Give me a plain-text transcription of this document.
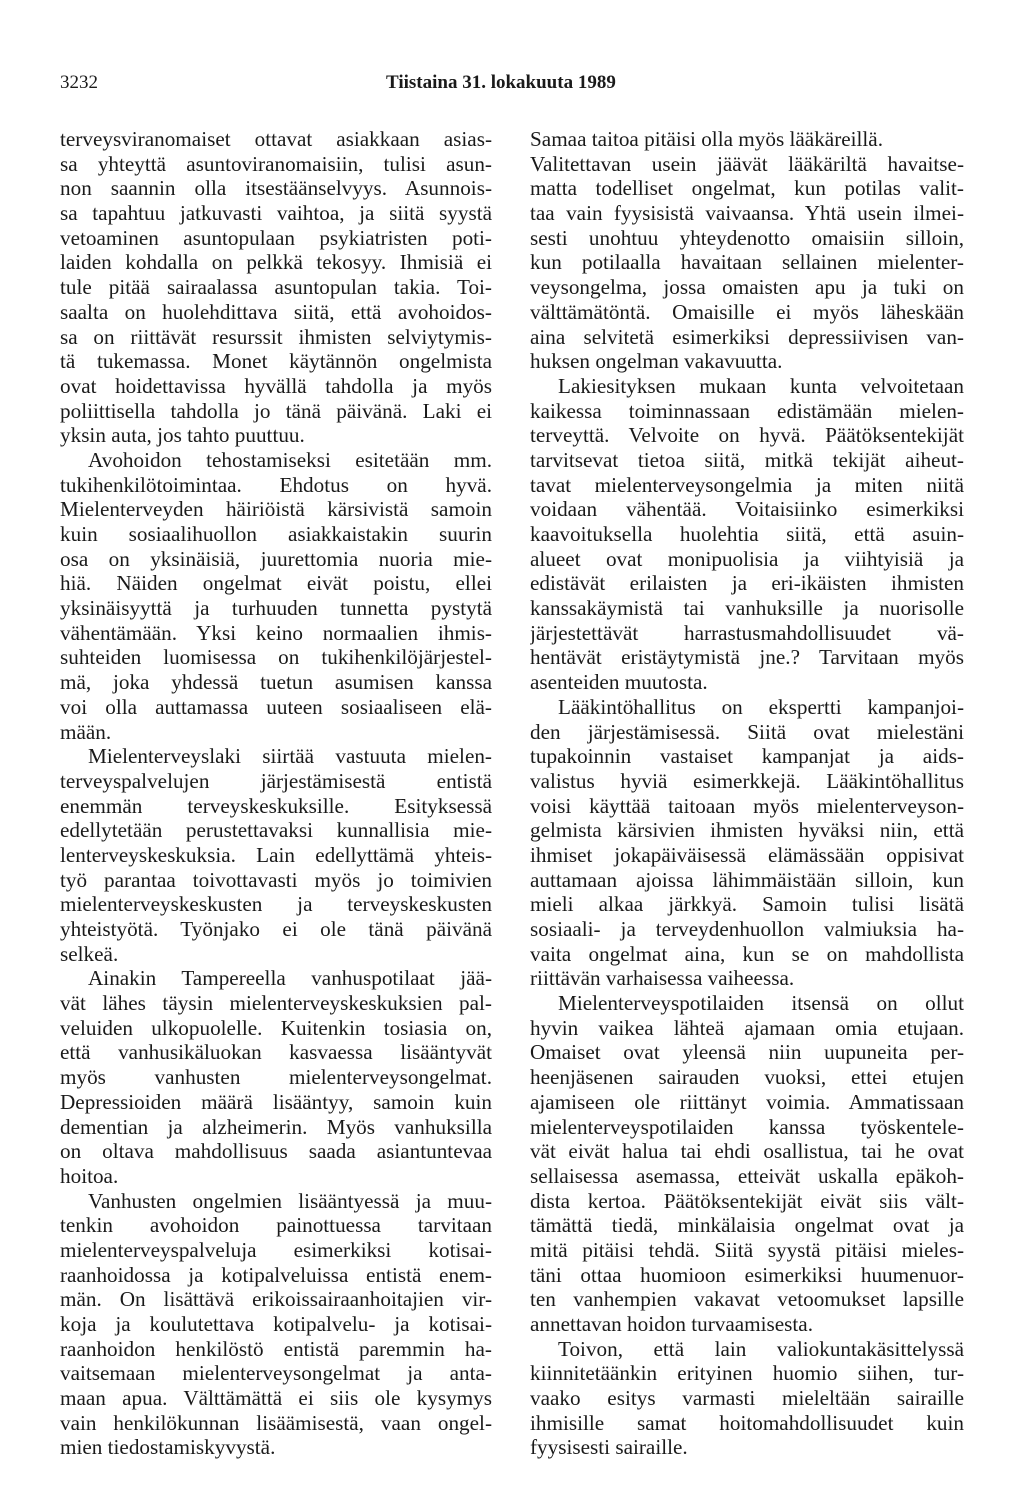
3232	Tiistaina 31. lokakuuta 1989
terveysviranomaiset ottavat asiakkaan asias-
sa yhteyttä asuntoviranomaisiin, tulisi asun-
non saannin olla itsestäänselvyys. Asunnois-
sa tapahtuu jatkuvasti vaihtoa, ja siitä syystä
vetoaminen asuntopulaan psykiatristen poti-
laiden kohdalla on pelkkä tekosyy. Ihmisiä ei
tule pitää sairaalassa asuntopulan takia. Toi-
saalta on huolehdittava siitä, että avohoidos-
sa on riittävät resurssit ihmisten selviytymis-
tä tukemassa. Monet käytännön ongelmista
ovat hoidettavissa hyvällä tahdolla ja myös
poliittisella tahdolla jo tänä päivänä. Laki ei
yksin auta, jos tahto puuttuu.
Avohoidon tehostamiseksi esitetään mm.
tukihenkilötoimintaa. Ehdotus on hyvä.
Mielenterveyden häiriöistä kärsivistä samoin
kuin sosiaalihuollon asiakkaistakin suurin
osa on yksinäisiä, juurettomia nuoria mie-
hiä. Näiden ongelmat eivät poistu, ellei
yksinäisyyttä ja turhuuden tunnetta pystytä
vähentämään. Yksi keino normaalien ihmis-
suhteiden luomisessa on tukihenkilöjärjestel-
mä, joka yhdessä tuetun asumisen kanssa
voi olla auttamassa uuteen sosiaaliseen elä-
mään.
Mielenterveyslaki siirtää vastuuta mielen-
terveyspalvelujen järjestämisestä entistä
enemmän terveyskeskuksille. Esityksessä
edellytetään perustettavaksi kunnallisia mie-
lenterveyskeskuksia. Lain edellyttämä yhteis-
työ parantaa toivottavasti myös jo toimivien
mielenterveyskeskusten ja terveyskeskusten
yhteistyötä. Työnjako ei ole tänä päivänä
selkeä.
Ainakin Tampereella vanhuspotilaat jää-
vät lähes täysin mielenterveyskeskuksien pal-
veluiden ulkopuolelle. Kuitenkin tosiasia on,
että vanhusikäluokan kasvaessa lisääntyvät
myös vanhusten mielenterveysongelmat.
Depressioiden määrä lisääntyy, samoin kuin
dementian ja alzheimerin. Myös vanhuksilla
on oltava mahdollisuus saada asiantuntevaa
hoitoa.
Vanhusten ongelmien lisääntyessä ja muu-
tenkin avohoidon painottuessa tarvitaan
mielenterveyspalveluja esimerkiksi kotisai-
raanhoidossa ja kotipalveluissa entistä enem-
män. On lisättävä erikoissairaanhoitajien vir-
koja ja koulutettava kotipalvelu- ja kotisai-
raanhoidon henkilöstö entistä paremmin ha-
vaitsemaan mielenterveysongelmat ja anta-
maan apua. Välttämättä ei siis ole kysymys
vain henkilökunnan lisäämisestä, vaan ongel-
mien tiedostamiskyvystä.
Samaa taitoa pitäisi olla myös lääkäreillä.
Valitettavan usein jäävät lääkäriltä havaitse-
matta todelliset ongelmat, kun potilas valit-
taa vain fyysisistä vaivaansa. Yhtä usein ilmei-
sesti unohtuu yhteydenotto omaisiin silloin,
kun potilaalla havaitaan sellainen mielenter-
veysongelma, jossa omaisten apu ja tuki on
välttämätöntä. Omaisille ei myös läheskään
aina selvitetä esimerkiksi depressiivisen van-
huksen ongelman vakavuutta.
Lakiesityksen mukaan kunta velvoitetaan
kaikessa toiminnassaan edistämään mielen-
terveyttä. Velvoite on hyvä. Päätöksentekijät
tarvitsevat tietoa siitä, mitkä tekijät aiheut-
tavat mielenterveysongelmia ja miten niitä
voidaan vähentää. Voitaisiinko esimerkiksi
kaavoituksella huolehtia siitä, että asuin-
alueet ovat monipuolisia ja viihtyisiä ja
edistävät erilaisten ja eri-ikäisten ihmisten
kanssakäymistä tai vanhuksille ja nuorisolle
järjestettävät harrastusmahdollisuudet vä-
hentävät eristäytymistä jne.? Tarvitaan myös
asenteiden muutosta.
Lääkintöhallitus on ekspertti kampanjoi-
den järjestämisessä. Siitä ovat mielestäni
tupakoinnin vastaiset kampanjat ja aids-
valistus hyviä esimerkkejä. Lääkintöhallitus
voisi käyttää taitoaan myös mielenterveyson-
gelmista kärsivien ihmisten hyväksi niin, että
ihmiset jokapäiväisessä elämässään oppisivat
auttamaan ajoissa lähimmäistään silloin, kun
mieli alkaa järkkyä. Samoin tulisi lisätä
sosiaali- ja terveydenhuollon valmiuksia ha-
vaita ongelmat aina, kun se on mahdollista
riittävän varhaisessa vaiheessa.
Mielenterveyspotilaiden itsensä on ollut
hyvin vaikea lähteä ajamaan omia etujaan.
Omaiset ovat yleensä niin uupuneita per-
heenjäsenen sairauden vuoksi, ettei etujen
ajamiseen ole riittänyt voimia. Ammatissaan
mielenterveyspotilaiden kanssa työskentele-
vät eivät halua tai ehdi osallistua, tai he ovat
sellaisessa asemassa, etteivät uskalla epäkoh-
dista kertoa. Päätöksentekijät eivät siis vält-
tämättä tiedä, minkälaisia ongelmat ovat ja
mitä pitäisi tehdä. Siitä syystä pitäisi mieles-
täni ottaa huomioon esimerkiksi huumenuor-
ten vanhempien vakavat vetoomukset lapsille
annettavan hoidon turvaamisesta.
Toivon, että lain valiokuntakäsittelyssä
kiinnitetäänkin erityinen huomio siihen, tur-
vaako esitys varmasti mieleltään sairaille
ihmisille samat hoitomahdollisuudet kuin
fyysisesti sairaille.
